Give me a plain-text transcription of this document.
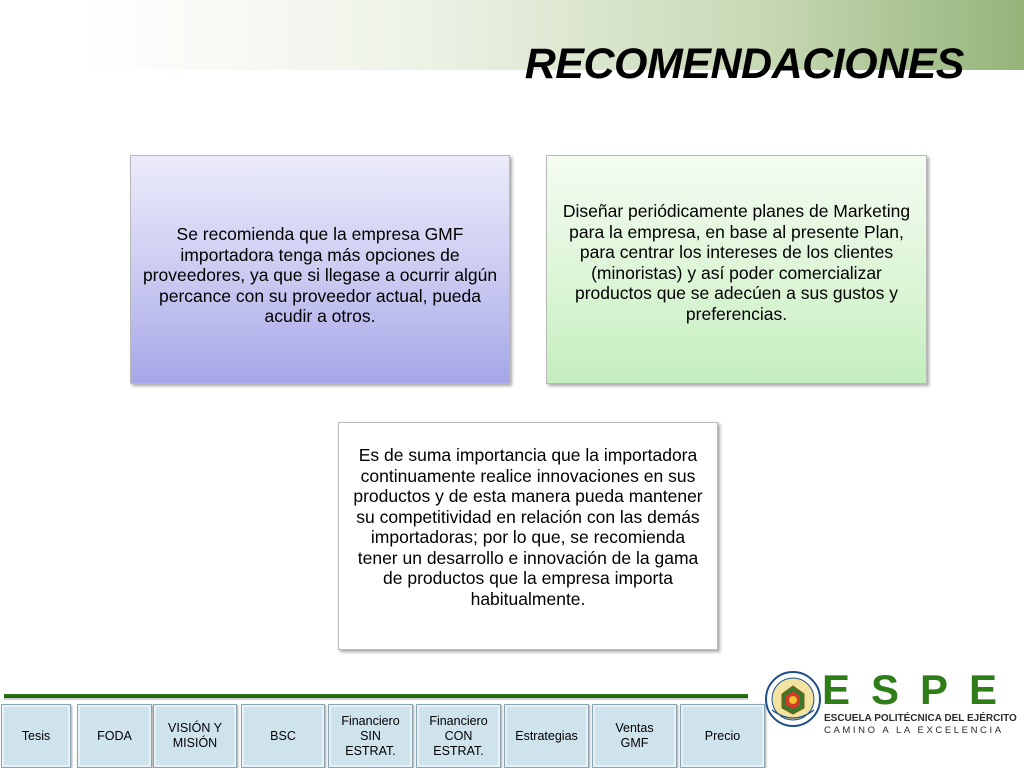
RECOMENDACIONES
Se recomienda que la empresa GMF importadora tenga más opciones de proveedores, ya que si llegase a ocurrir algún percance con su proveedor actual, pueda acudir a otros.
Diseñar periódicamente planes de Marketing para la empresa, en base al presente Plan, para centrar los intereses de los clientes (minoristas) y así poder comercializar productos que se adecúen a sus gustos y preferencias.
Es de suma importancia que la importadora continuamente realice innovaciones en sus productos y de esta manera pueda mantener su competitividad en relación con las demás importadoras; por lo que, se recomienda tener un desarrollo e innovación de la gama de productos que la empresa importa habitualmente.
Tesis	FODA
VISIÓN Y
MISIÓN
BSC
Financiero
SIN
ESTRAT.
Financiero
CON
ESTRAT.
Estrategias
Ventas
GMF
Precio
ESPE
ESCUELA POLITÉCNICA DEL EJÉRCITO
CAMINO A LA EXCELENCIA
